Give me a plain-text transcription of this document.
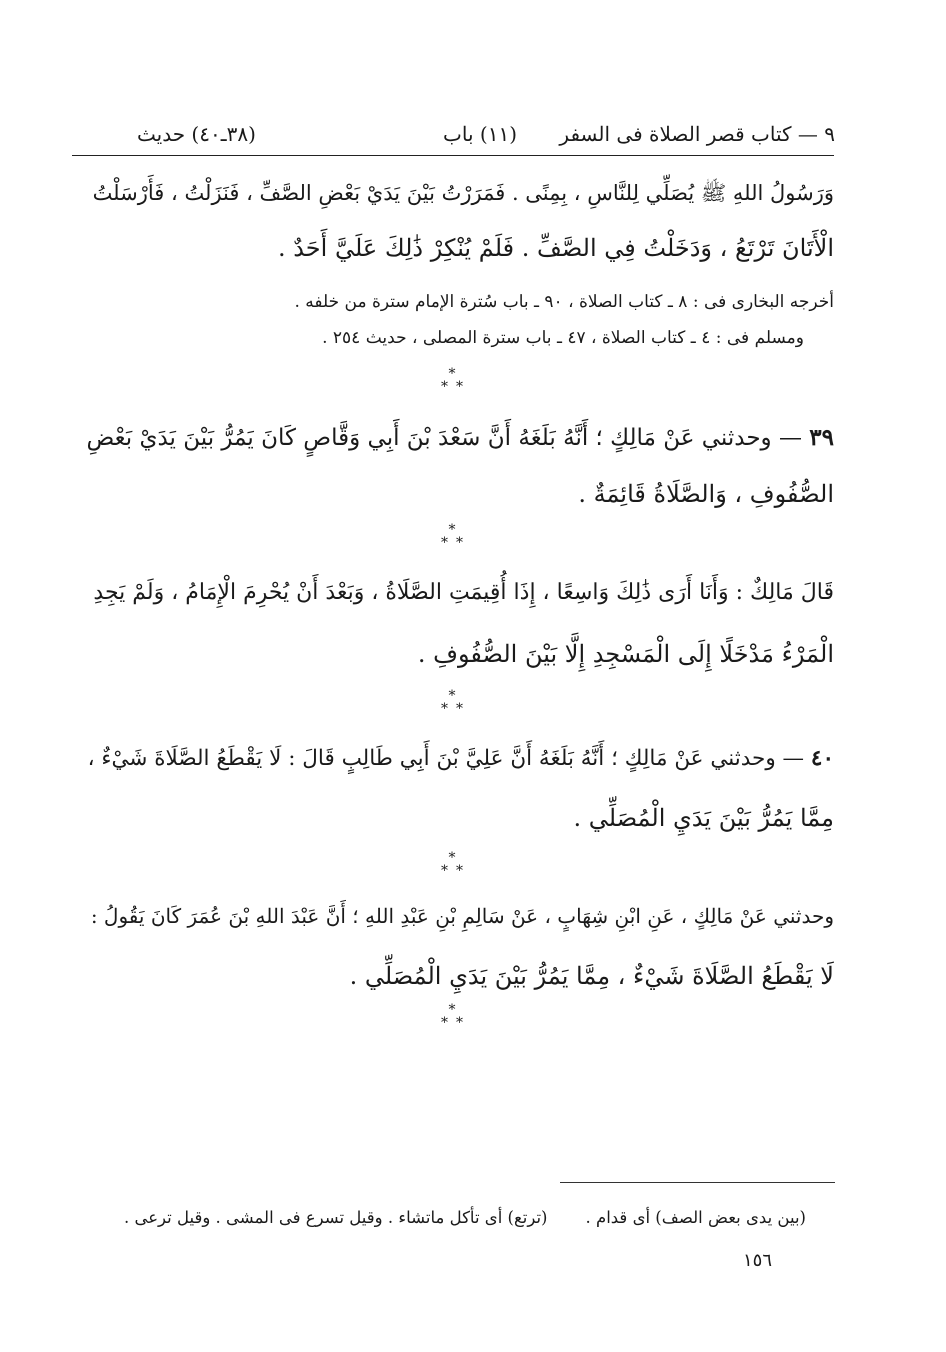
٩ — كتاب قصر الصلاة فى السفر
(١١) باب
(٣٨ـ٤٠) حديث
وَرَسُولُ اللهِ ﷺ يُصَلِّي لِلنَّاسِ ، بِمِنًى . فَمَرَرْتُ بَيْنَ يَدَيْ بَعْضِ الصَّفِّ ، فَنَزَلْتُ ، فَأَرْسَلْتُ
الْأَتَانَ تَرْتَعُ ، وَدَخَلْتُ فِي الصَّفِّ . فَلَمْ يُنْكِرْ ذَٰلِكَ عَلَيَّ أَحَدٌ .
أخرجه البخارى فى : ٨ ـ كتاب الصلاة ، ٩٠ ـ باب سُترة الإمام سترة من خلفه .
ومسلم فى : ٤ ـ كتاب الصلاة ، ٤٧ ـ باب سترة المصلى ، حديث ٢٥٤ .
*
**
٣٩ — وحدثني عَنْ مَالِكٍ ؛ أَنَّهُ بَلَغَهُ أَنَّ سَعْدَ بْنَ أَبِي وَقَّاصٍ كَانَ يَمُرُّ بَيْنَ يَدَيْ بَعْضِ
الصُّفُوفِ ، وَالصَّلَاةُ قَائِمَةٌ .
*
**
قَالَ مَالِكٌ : وَأَنَا أَرَى ذَٰلِكَ وَاسِعًا ، إِذَا أُقِيمَتِ الصَّلَاةُ ، وَبَعْدَ أَنْ يُحْرِمَ الْإِمَامُ ، وَلَمْ يَجِدِ
الْمَرْءُ مَدْخَلًا إِلَى الْمَسْجِدِ إِلَّا بَيْنَ الصُّفُوفِ .
*
**
٤٠ — وحدثني عَنْ مَالِكٍ ؛ أَنَّهُ بَلَغَهُ أَنَّ عَلِيَّ بْنَ أَبِي طَالِبٍ قَالَ : لَا يَقْطَعُ الصَّلَاةَ شَيْءٌ ،
مِمَّا يَمُرُّ بَيْنَ يَدَيِ الْمُصَلِّي .
*
**
وحدثني عَنْ مَالِكٍ ، عَنِ ابْنِ شِهَابٍ ، عَنْ سَالِمِ بْنِ عَبْدِ اللهِ ؛ أَنَّ عَبْدَ اللهِ بْنَ عُمَرَ كَانَ يَقُولُ :
لَا يَقْطَعُ الصَّلَاةَ شَيْءٌ ، مِمَّا يَمُرُّ بَيْنَ يَدَيِ الْمُصَلِّي .
*
**
(بين يدى بعض الصف) أى قدام .(ترتع) أى تأكل ماتشاء . وقيل تسرع فى المشى . وقيل ترعى .
١٥٦
